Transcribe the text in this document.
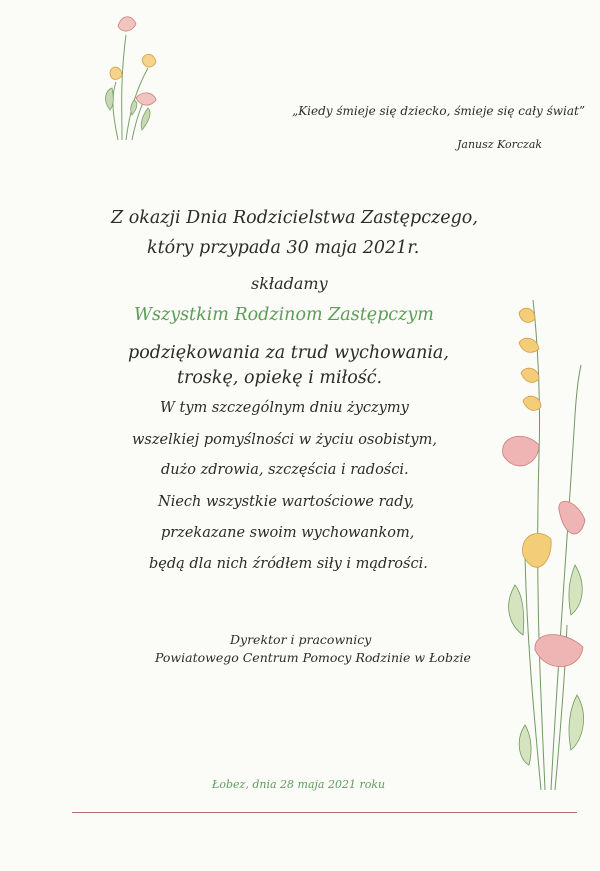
„Kiedy śmieje się dziecko, śmieje się cały świat”

Janusz Korczak

Z okazji Dnia Rodzicielstwa Zastępczego,

który przypada 30 maja 2021r.

składamy

Wszystkim Rodzinom Zastępczym

podziękowania za trud wychowania,

troskę, opiekę i miłość.

W tym szczególnym dniu życzymy

wszelkiej pomyślności w życiu osobistym,

dużo zdrowia, szczęścia i radości.

Niech wszystkie wartościowe rady,

przekazane swoim wychowankom,

będą dla nich źródłem siły i mądrości.

Dyrektor i pracownicy

Powiatowego Centrum Pomocy Rodzinie w Łobzie

Łobez, dnia 28 maja 2021 roku
